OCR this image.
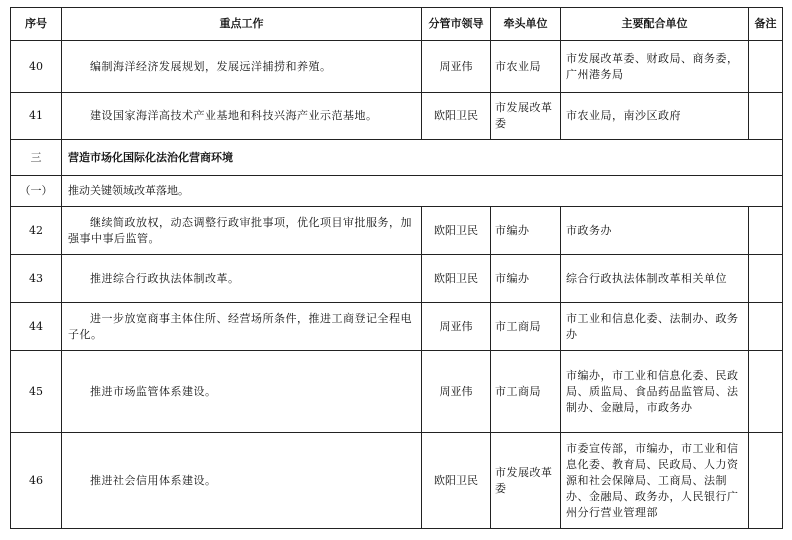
序号	重点工作	分管市领导	牵头单位	主要配合单位	备注
40	编制海洋经济发展规划，发展远洋捕捞和养殖。	周亚伟	市农业局	市发展改革委、财政局、商务委，广州港务局	
41	建设国家海洋高技术产业基地和科技兴海产业示范基地。	欧阳卫民	市发展改革委	市农业局，南沙区政府	
三	营造市场化国际化法治化营商环境				
（一）	推动关键领域改革落地。				
42	继续简政放权，动态调整行政审批事项，优化项目审批服务，加强事中事后监管。	欧阳卫民	市编办	市政务办	
43	推进综合行政执法体制改革。	欧阳卫民	市编办	综合行政执法体制改革相关单位	
44	进一步放宽商事主体住所、经营场所条件，推进工商登记全程电子化。	周亚伟	市工商局	市工业和信息化委、法制办、政务办	
45	推进市场监管体系建设。	周亚伟	市工商局	市编办，市工业和信息化委、民政局、质监局、食品药品监管局、法制办、金融局，市政务办	
46	推进社会信用体系建设。	欧阳卫民	市发展改革委	市委宣传部，市编办，市工业和信息化委、教育局、民政局、人力资源和社会保障局、工商局、法制办、金融局、政务办，人民银行广州分行营业管理部	
